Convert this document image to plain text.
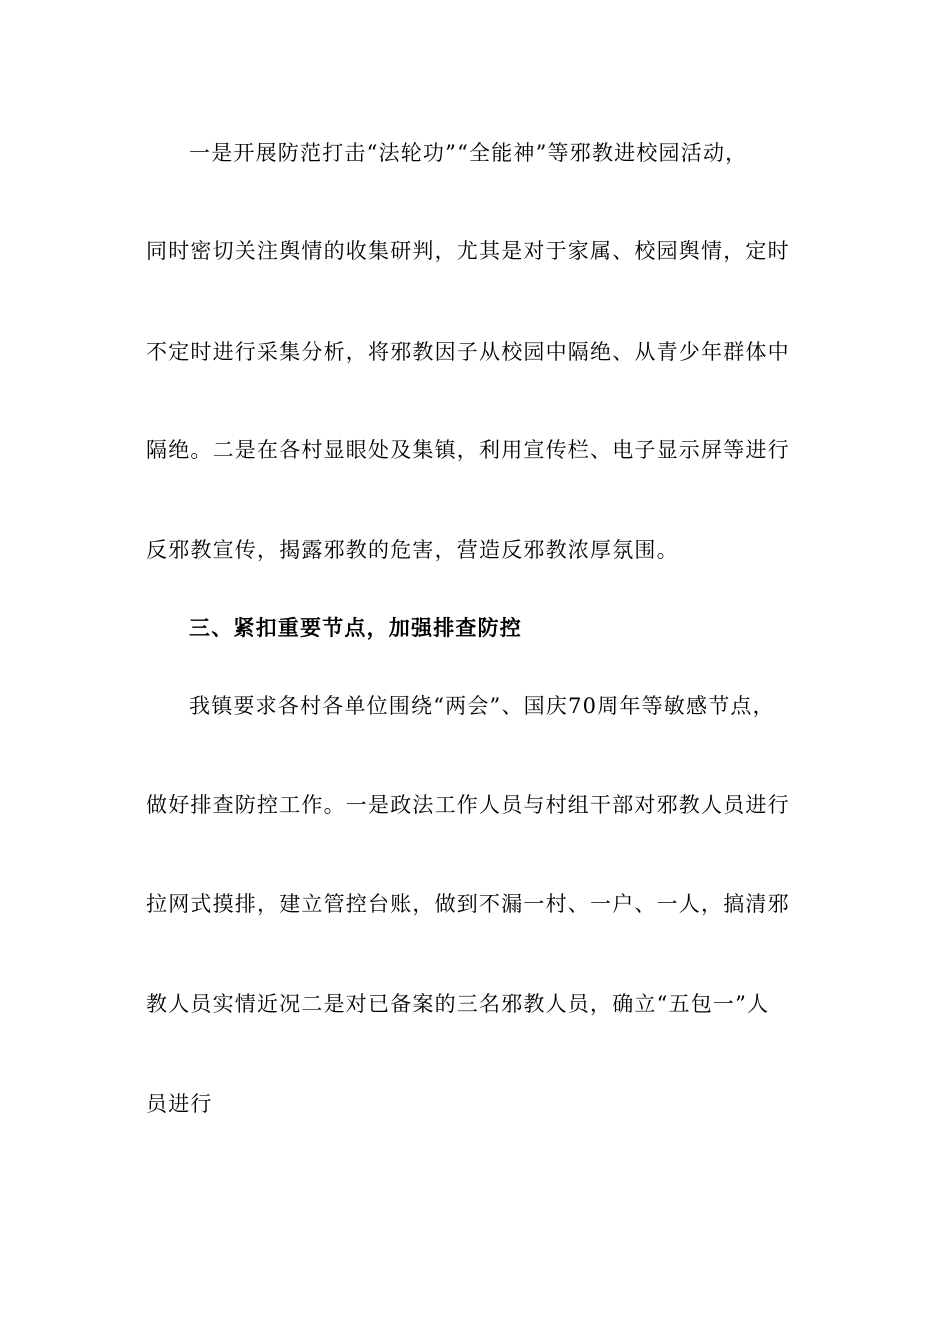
一是开展防范打击“法轮功”“全能神”等邪教进校园活动，
同时密切关注舆情的收集研判，尤其是对于家属、校园舆情，定时
不定时进行采集分析，将邪教因子从校园中隔绝、从青少年群体中
隔绝。二是在各村显眼处及集镇，利用宣传栏、电子显示屏等进行
反邪教宣传，揭露邪教的危害，营造反邪教浓厚氛围。
三、紧扣重要节点，加强排查防控
我镇要求各村各单位围绕“两会”、国庆70周年等敏感节点，
做好排查防控工作。一是政法工作人员与村组干部对邪教人员进行
拉网式摸排，建立管控台账，做到不漏一村、一户、一人，搞清邪
教人员实情近况二是对已备案的三名邪教人员，确立“五包一”人
员进行
